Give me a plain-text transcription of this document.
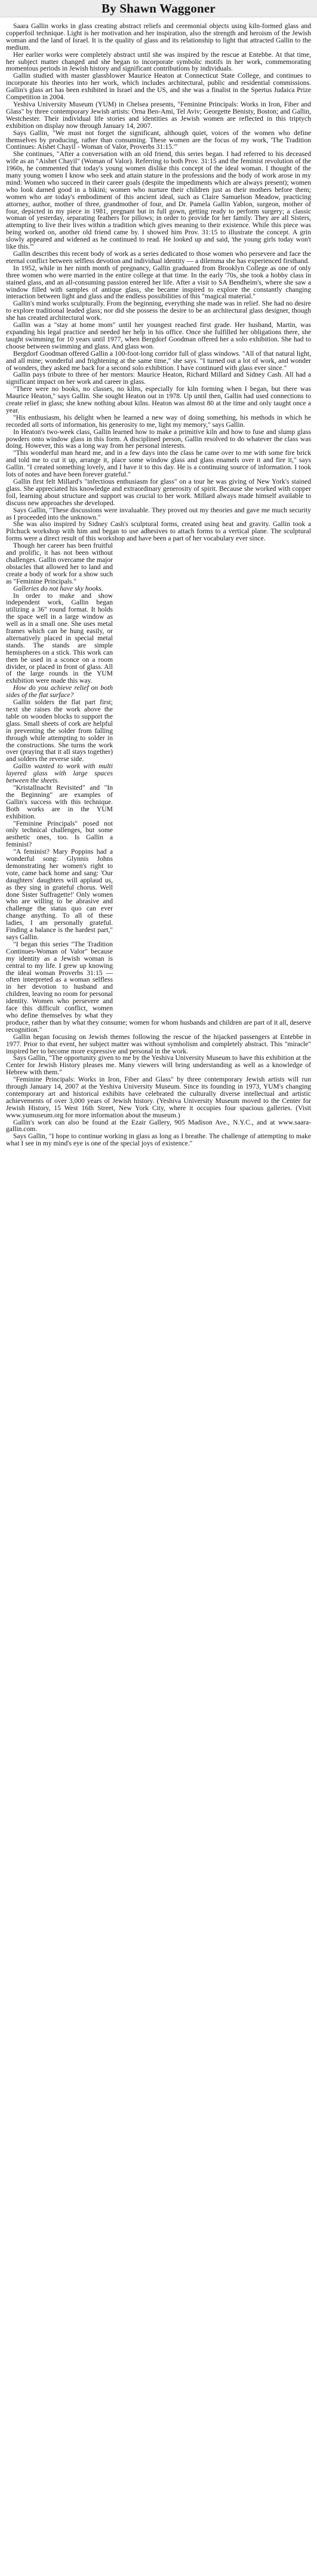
By Shawn Waggoner

Saara Gallin works in glass creating abstract reliefs and ceremonial objects using kiln-formed glass and copperfoil technique. Light is her motivation and her inspiration, also the strength and heroism of the Jewish woman and the land of Israel. It is the quality of glass and its relationship to light that attracted Gallin to the medium.

Her earlier works were completely abstract until she was inspired by the rescue at Entebbe. At that time, her subject matter changed and she began to incorporate symbolic motifs in her work, commemorating momentous periods in Jewish history and significant contributions by individuals.

Gallin studied with master glassblower Maurice Heaton at Connecticut State College, and continues to incorporate his theories into her work, which includes architectural, public and residential commissions. Gallin's glass art has been exhibited in Israel and the US, and she was a finalist in the Spertus Judaica Prize Competition in 2004.

Yeshiva University Museum (YUM) in Chelsea presents, "Feminine Principals: Works in Iron, Fiber and Glass" by three contemporary Jewish artists: Orna Ben-Ami, Tel Aviv; Georgette Benisty, Boston; and Gallin, Westchester. Their individual life stories and identities as Jewish women are reflected in this triptych exhibition on display now through January 14, 2007.

Says Gallin, "We must not forget the significant, although quiet, voices of the women who define themselves by producing, rather than consuming. These women are the focus of my work, 'The Tradition Continues: Aishet Chayil - Woman of Valor, Proverbs 31:15.'"

She continues, "After a conversation with an old friend, this series began. I had referred to his deceased wife as an "Aishet Chayil" (Woman of Valor). Referring to both Prov. 31:15 and the feminist revolution of the 1960s, he commented that today's young women dislike this concept of the ideal woman. I thought of the many young women I know who seek and attain stature in the professions and the body of work arose in my mind: Women who succeed in their career goals (despite the impediments which are always present); women who look darned good in a bikini; women who nurture their children just as their mothers before them; women who are today's embodiment of this ancient ideal, such as Claire Samuelson Meadow, practicing attorney, author, mother of three, grandmother of four, and Dr. Pamela Gallin Yablon, surgeon, mother of four, depicted in my piece in 1981, pregnant but in full gown, getting ready to perform surgery; a classic woman of yesterday, separating feathers for pillows; in order to provide for her family. They are all Sisters, attempting to live their lives within a tradition which gives meaning to their existence. While this piece was being worked on, another old friend came by. I showed him Prov. 31:15 to illustrate the concept. A grin slowly appeared and widened as he continued to read. He looked up and said, 'the young girls today won't like this.'"

Gallin describes this recent body of work as a series dedicated to those women who persevere and face the eternal conflict between selfless devotion and individual identity — a dilemma she has experienced firsthand.

In 1952, while in her ninth month of pregnancy, Gallin graduated from Brooklyn College as one of only three women who were married in the entire college at that time. In the early '70s, she took a hobby class in stained glass, and an all-consuming passion entered her life. After a visit to SA Bendheim's, where she saw a window filled with samples of antique glass, she became inspired to explore the constantly changing interaction between light and glass and the endless possibilities of this "magical material."

Gallin's mind works sculpturally. From the beginning, everything she made was in relief. She had no desire to explore traditional leaded glass; nor did she possess the desire to be an architectural glass designer, though she has created architectural work.

Gallin was a "stay at home mom" until her youngest reached first grade. Her husband, Martin, was expanding his legal practice and needed her help in his office. Once she fulfilled her obligations there, she taught swimming for 10 years until 1977, when Bergdorf Goodman offered her a solo exhibition. She had to choose between swimming and glass. And glass won.

Bergdorf Goodman offered Gallin a 100-foot-long corridor full of glass windows. "All of that natural light, and all mine; wonderful and frightening at the same time," she says. "I turned out a lot of work, and wonder of wonders, they asked me back for a second solo exhibition. I have continued with glass ever since."

Gallin pays tribute to three of her mentors: Maurice Heaton, Richard Millard and Sidney Cash. All had a significant impact on her work and career in glass.

"There were no books, no classes, no kilns, especially for kiln forming when I began, but there was Maurice Heaton," says Gallin. She sought Heaton out in 1978. Up until then, Gallin had used connections to create relief in glass; she knew nothing about kilns. Heaton was almost 80 at the time and only taught once a year.

"His enthusiasm, his delight when he learned a new way of doing something, his methods in which he recorded all sorts of information, his generosity to me, light my memory," says Gallin.

In Heaton's two-week class, Gallin learned how to make a primitive kiln and how to fuse and slump glass powders onto window glass in this form. A disciplined person, Gallin resolved to do whatever the class was doing. However, this was a long way from her personal interests.

"This wonderful man heard me, and in a few days into the class he came over to me with some fire brick and told me to cut it up, arrange it, place some window glass and glass enamels over it and fire it," says Gallin. "I created something lovely, and I have it to this day. He is a continuing source of information. I took lots of notes and have been forever grateful."

Gallin first felt Millard's "infectious enthusiasm for glass" on a tour he was giving of New York's stained glass. She appreciated his knowledge and extraordinary generosity of spirit. Because she worked with copper foil, learning about structure and support was crucial to her work. Millard always made himself available to discuss new approaches she developed.

Says Gallin, "These discussions were invaluable. They proved out my theories and gave me much security as I proceeded into the unknown."

She was also inspired by Sidney Cash's sculptural forms, created using heat and gravity. Gallin took a Pilchuck workshop with him and began to use adhesives to attach forms to a vertical plane. The sculptural forms were a direct result of this workshop and have been a part of her vocabulary ever since.

Though her career has been fruitful and prolific, it has not been without challenges. Gallin overcame the major obstacles that allowed her to land and create a body of work for a show such as "Feminine Principals."

Galleries do not have sky hooks.

In order to make and show independent work, Gallin began utilizing a 36" round format. It holds the space well in a large window as well as in a small one. She uses metal frames which can be hung easily, or alternatively placed in special metal stands. The stands are simple hemispheres on a stick. This work can then be used in a sconce on a room divider, or placed in front of glass. All of the large rounds in the YUM exhibition were made this way.

How do you achieve relief on both sides of the flat surface?

Gallin solders the flat part first; next she raises the work above the table on wooden blocks to support the glass. Small sheets of cork are helpful in preventing the solder from falling through while attempting to solder in the constructions. She turns the work over (praying that it all stays together) and solders the reverse side.

Gallin wanted to work with multi layered glass with large spaces between the sheets.

"Kristallnacht Revisited" and "In the Beginning" are examples of Gallin's success with this technique. Both works are in the YUM exhibition.

"Feminine Principals" posed not only technical challenges, but some aesthetic ones, too. Is Gallin a feminist?

"A feminist? Mary Poppins had a wonderful song: Glynnis Johns demonstrating her women's right to vote, came back home and sang: 'Our daughters' daughters will applaud us, as they sing in grateful chorus. Well done Sister Suffragette!' Only women who are willing to be abrasive and challenge the status quo can ever change anything. To all of these ladies, I am personally grateful. Finding a balance is the hardest part," says Gallin.

"I began this series "The Tradition Continues-Woman of Valor" because my identity as a Jewish woman is central to my life. I grew up knowing the ideal woman Proverbs 31:15 — often interpreted as a woman selfless in her devotion to husband and children, leaving no room for personal identity. Women who persevere and face this difficult conflict, women who define themselves by what they produce, rather than by what they consume; women for whom husbands and children are part of it all, deserve recognition."

Gallin began focusing on Jewish themes following the rescue of the hijacked passengers at Entebbe in 1977. Prior to that event, her subject matter was without symbolism and completely abstract. This "miracle" inspired her to become more expressive and personal in the work.

Says Gallin, "The opportunity given to me by the Yeshiva University Museum to have this exhibition at the Center for Jewish History pleases me. Many viewers will bring understanding as well as a knowledge of Hebrew with them."

"Feminine Principals: Works in Iron, Fiber and Glass" by three contemporary Jewish artists will run through January 14, 2007 at the Yeshiva University Museum. Since its founding in 1973, YUM's changing contemporary art and historical exhibits have celebrated the culturally diverse intellectual and artistic achievements of over 3,000 years of Jewish history. (Yeshiva University Museum moved to the Center for Jewish History, 15 West 16th Street, New York City, where it occupies four spacious galleries. (Visit www.yumuseum.org for more information about the museum.)

Gallin's work can also be found at the Ezair Gallery, 905 Madison Ave., N.Y.C., and at www.saara-gallin.com.

Says Gallin, "I hope to continue working in glass as long as I breathe. The challenge of attempting to make what I see in my mind's eye is one of the special joys of existence."
